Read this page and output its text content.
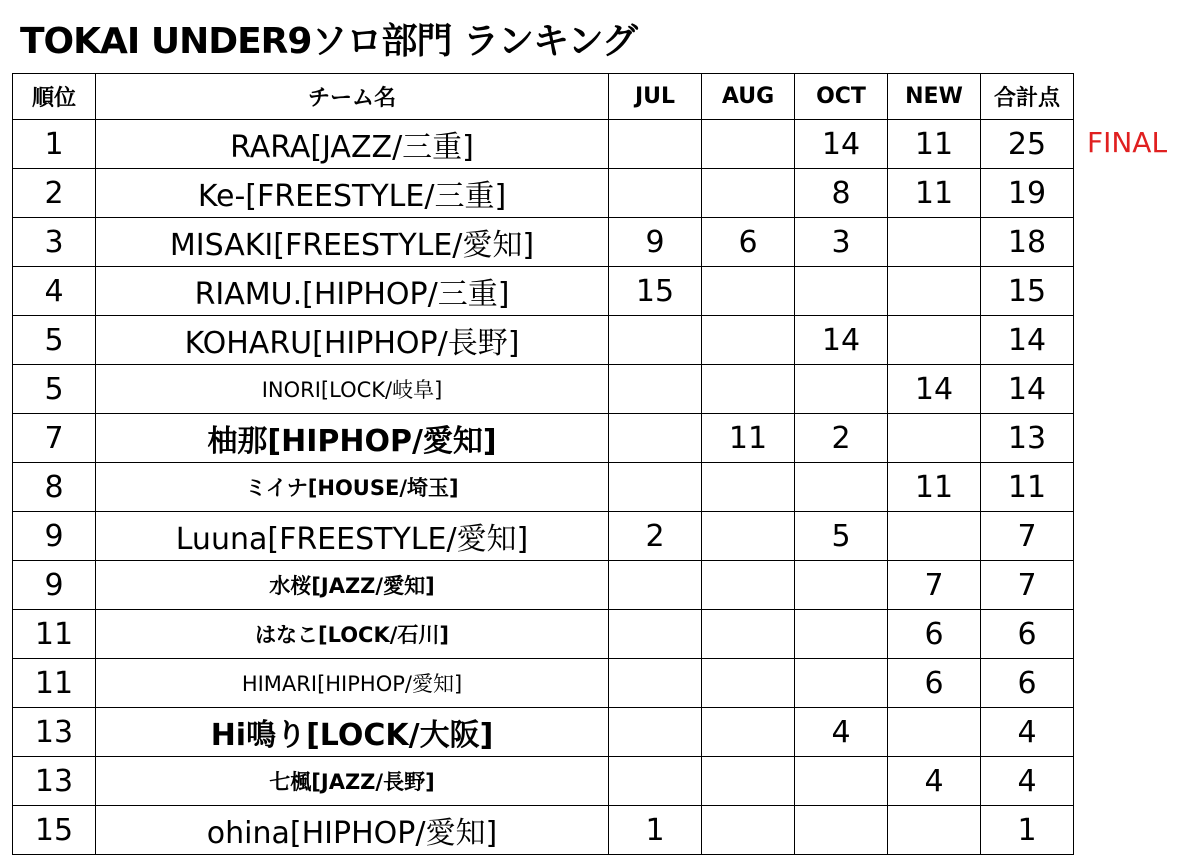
TOKAI UNDER9ソロ部門 ランキング
順位	チーム名	JUL	AUG	OCT	NEW	合計点
1	RARA[JAZZ/三重]			14	11	25
2	Ke-[FREESTYLE/三重]			8	11	19
3	MISAKI[FREESTYLE/愛知]	9	6	3		18
4	RIAMU.[HIPHOP/三重]	15				15
5	KOHARU[HIPHOP/長野]			14		14
5	INORI[LOCK/岐阜]				14	14
7	柚那[HIPHOP/愛知]		11	2		13
8	ミイナ[HOUSE/埼玉]				11	11
9	Luuna[FREESTYLE/愛知]	2		5		7
9	水桜[JAZZ/愛知]				7	7
11	はなこ[LOCK/石川]				6	6
11	HIMARI[HIPHOP/愛知]				6	6
13	Hi鳴り[LOCK/大阪]			4		4
13	七楓[JAZZ/長野]				4	4
15	ohina[HIPHOP/愛知]	1				1
FINAL
